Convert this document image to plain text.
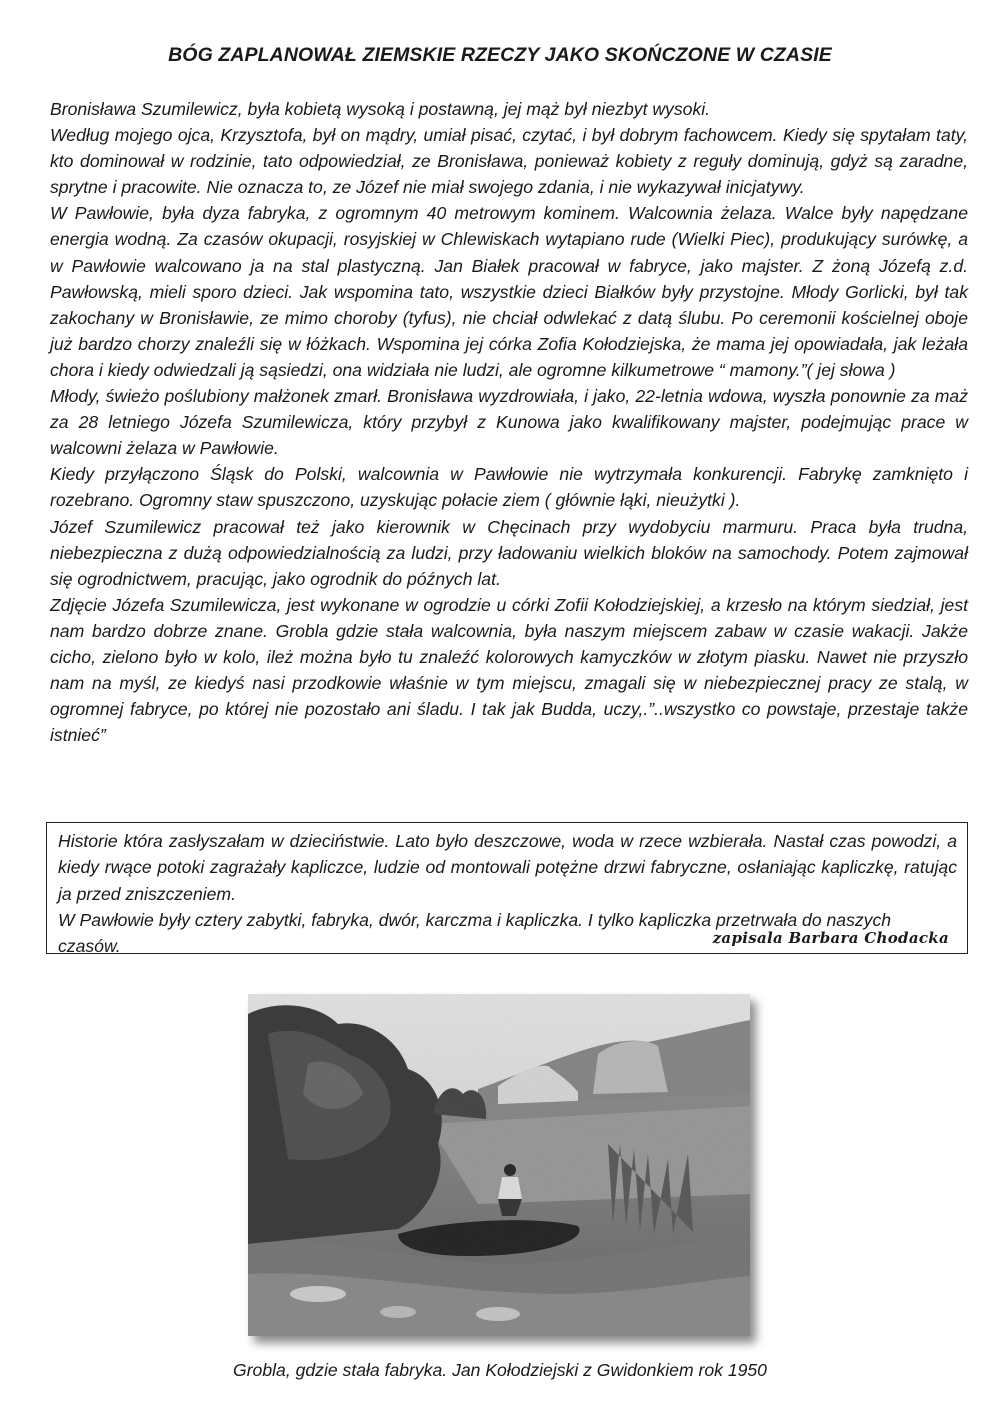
BÓG ZAPLANOWAŁ ZIEMSKIE RZECZY JAKO SKOŃCZONE W CZASIE

Bronisława Szumilewicz, była kobietą wysoką i postawną, jej mąż był niezbyt wysoki.

Według mojego ojca, Krzysztofa, był on mądry, umiał pisać, czytać, i był dobrym fachowcem. Kiedy się spytałam taty, kto dominował w rodzinie, tato odpowiedział, ze Bronisława, ponieważ kobiety z reguły dominują, gdyż są zaradne, sprytne i pracowite. Nie oznacza to, ze Józef nie miał swojego zdania, i nie wykazywał inicjatywy.

W Pawłowie, była dyza fabryka, z ogromnym 40 metrowym kominem. Walcownia żelaza. Walce były napędzane energia wodną. Za czasów okupacji, rosyjskiej w Chlewiskach wytapiano rude (Wielki Piec), produkujący surówkę, a w Pawłowie walcowano ja na stal plastyczną. Jan Białek pracował w fabryce, jako majster. Z żoną Józefą z.d. Pawłowską, mieli sporo dzieci. Jak wspomina tato, wszystkie dzieci Białków były przystojne. Młody Gorlicki, był tak zakochany w Bronisławie, ze mimo choroby (tyfus), nie chciał odwlekać z datą ślubu. Po ceremonii kościelnej oboje już bardzo chorzy znaleźli się w łóżkach. Wspomina jej córka Zofia Kołodziejska, że mama jej opowiadała, jak leżała chora i kiedy odwiedzali ją sąsiedzi, ona widziała nie ludzi, ale ogromne kilkumetrowe “ mamony.”( jej słowa )

Młody, świeżo poślubiony małżonek zmarł. Bronisława wyzdrowiała, i jako, 22-letnia wdowa, wyszła ponownie za maż za 28 letniego Józefa Szumilewicza, który przybył z Kunowa jako kwalifikowany majster, podejmując prace w walcowni żelaza w Pawłowie.

Kiedy przyłączono Śląsk do Polski, walcownia w Pawłowie nie wytrzymała konkurencji. Fabrykę zamknięto i rozebrano. Ogromny staw spuszczono, uzyskując połacie ziem ( głównie łąki, nieużytki ).

Józef Szumilewicz pracował też jako kierownik w Chęcinach przy wydobyciu marmuru. Praca była trudna, niebezpieczna z dużą odpowiedzialnością za ludzi, przy ładowaniu wielkich bloków na samochody. Potem zajmował się ogrodnictwem, pracując, jako ogrodnik do późnych lat.

Zdjęcie Józefa Szumilewicza, jest wykonane w ogrodzie u córki Zofii Kołodziejskiej, a krzesło na którym siedział, jest nam bardzo dobrze znane. Grobla gdzie stała walcownia, była naszym miejscem zabaw w czasie wakacji. Jakże cicho, zielono było w kolo, ileż można było tu znaleźć kolorowych kamyczków w złotym piasku. Nawet nie przyszło nam na myśl, ze kiedyś nasi przodkowie właśnie w tym miejscu, zmagali się w niebezpiecznej pracy ze stalą, w ogromnej fabryce, po której nie pozostało ani śladu. I tak jak Budda, uczy,.”..wszystko co powstaje, przestaje także istnieć”

Historie która zasłyszałam w dzieciństwie. Lato było deszczowe, woda w rzece wzbierała. Nastał czas powodzi, a kiedy rwące potoki zagrażały kapliczce, ludzie od montowali potężne drzwi fabryczne, osłaniając kapliczkę, ratując ja przed zniszczeniem.

W Pawłowie były cztery zabytki, fabryka, dwór, karczma i kapliczka. I tylko kapliczka przetrwała do naszych czasów.	zapisala Barbara Chodacka
Grobla, gdzie stała fabryka. Jan Kołodziejski z Gwidonkiem rok 1950
